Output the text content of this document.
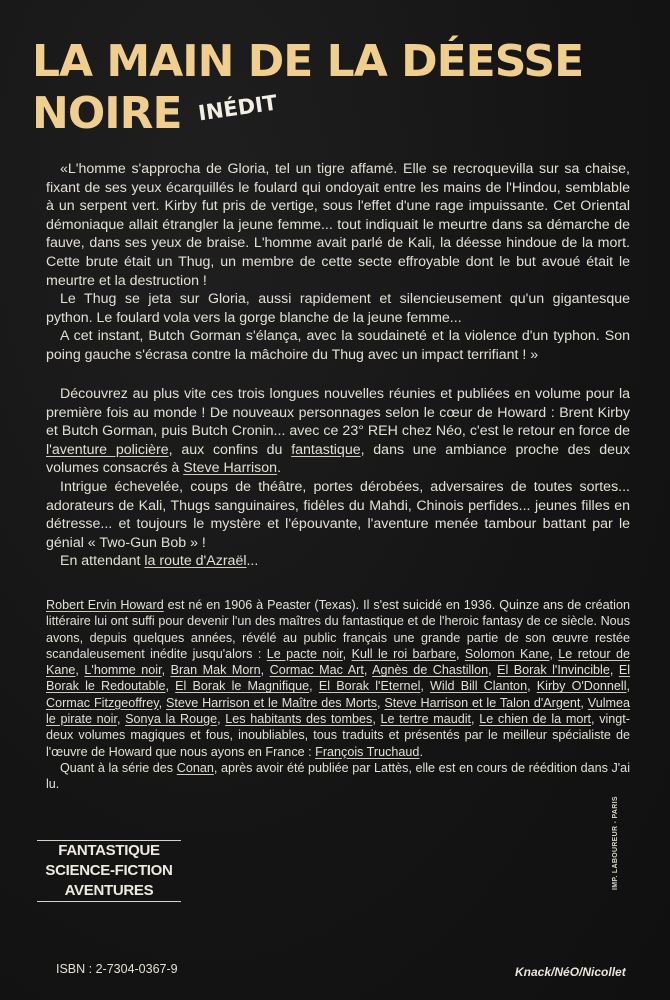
LA MAIN DE LA DÉESSE
NOIRE INÉDIT

«L'homme s'approcha de Gloria, tel un tigre affamé. Elle se recroquevilla sur sa chaise, fixant de ses yeux écarquillés le foulard qui ondoyait entre les mains de l'Hindou, semblable à un serpent vert. Kirby fut pris de vertige, sous l'effet d'une rage impuissante. Cet Oriental démoniaque allait étrangler la jeune femme... tout indiquait le meurtre dans sa démarche de fauve, dans ses yeux de braise. L'homme avait parlé de Kali, la déesse hindoue de la mort. Cette brute était un Thug, un membre de cette secte effroyable dont le but avoué était le meurtre et la destruction !

Le Thug se jeta sur Gloria, aussi rapidement et silencieusement qu'un gigantesque python. Le foulard vola vers la gorge blanche de la jeune femme...

A cet instant, Butch Gorman s'élança, avec la soudaineté et la violence d'un typhon. Son poing gauche s'écrasa contre la mâchoire du Thug avec un impact terrifiant ! »

Découvrez au plus vite ces trois longues nouvelles réunies et publiées en volume pour la première fois au monde ! De nouveaux personnages selon le cœur de Howard : Brent Kirby et Butch Gorman, puis Butch Cronin... avec ce 23° REH chez Néo, c'est le retour en force de l'aventure policière, aux confins du fantastique, dans une ambiance proche des deux volumes consacrés à Steve Harrison.

Intrigue échevelée, coups de théâtre, portes dérobées, adversaires de toutes sortes... adorateurs de Kali, Thugs sanguinaires, fidèles du Mahdi, Chinois perfides... jeunes filles en détresse... et toujours le mystère et l'épouvante, l'aventure menée tambour battant par le génial « Two-Gun Bob » !

En attendant la route d'Azraël...

Robert Ervin Howard est né en 1906 à Peaster (Texas). Il s'est suicidé en 1936. Quinze ans de création littéraire lui ont suffi pour devenir l'un des maîtres du fantastique et de l'heroic fantasy de ce siècle. Nous avons, depuis quelques années, révélé au public français une grande partie de son œuvre restée scandaleusement inédite jusqu'alors : Le pacte noir, Kull le roi barbare, Solomon Kane, Le retour de Kane, L'homme noir, Bran Mak Morn, Cormac Mac Art, Agnès de Chastillon, El Borak l'Invincible, El Borak le Redoutable, El Borak le Magnifique, El Borak l'Eternel, Wild Bill Clanton, Kirby O'Donnell, Cormac Fitzgeoffrey, Steve Harrison et le Maître des Morts, Steve Harrison et le Talon d'Argent, Vulmea le pirate noir, Sonya la Rouge, Les habitants des tombes, Le tertre maudit, Le chien de la mort, vingt-deux volumes magiques et fous, inoubliables, tous traduits et présentés par le meilleur spécialiste de l'œuvre de Howard que nous ayons en France : François Truchaud.

Quant à la série des Conan, après avoir été publiée par Lattès, elle est en cours de réédition dans J'ai lu.

FANTASTIQUE
SCIENCE-FICTION
AVENTURES
IMP. LABOUREUR - PARIS
ISBN : 2-7304-0367-9	Knack/NéO/Nicollet
